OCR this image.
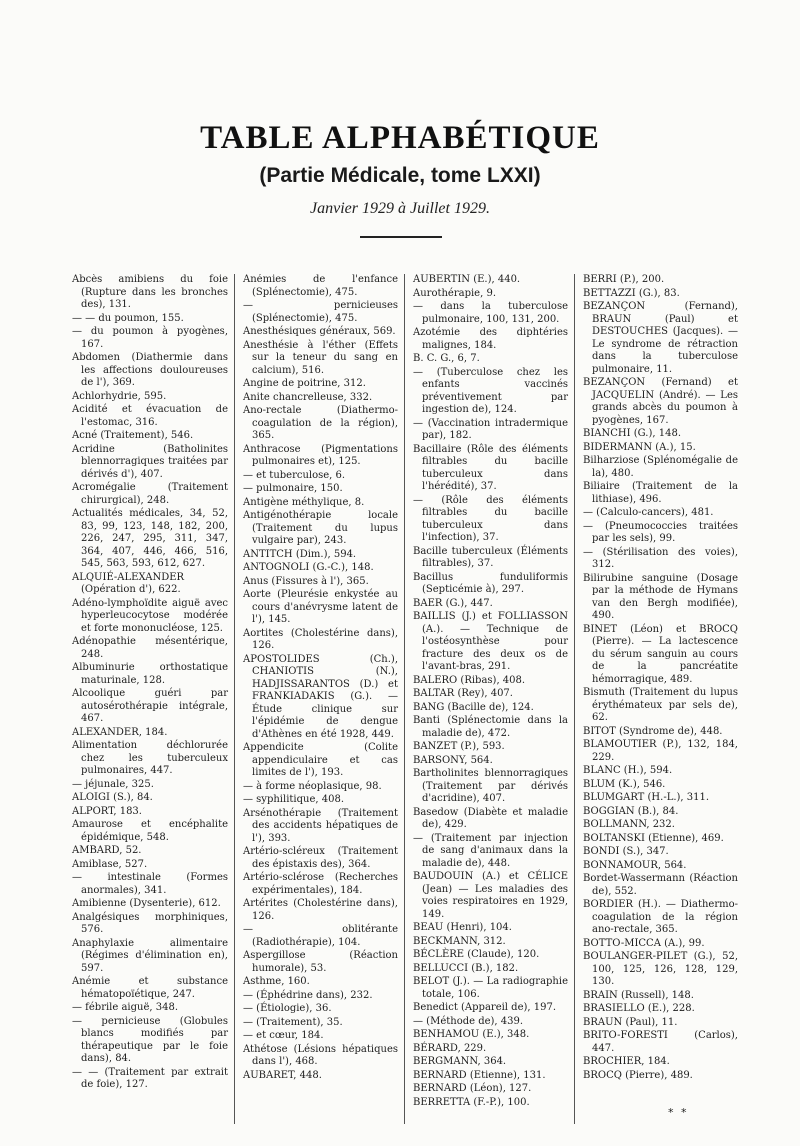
TABLE ALPHABÉTIQUE
(Partie Médicale, tome LXXI)
Janvier 1929 à Juillet 1929.
Abcès amibiens du foie (Rupture dans les bronches des), 131.
— — du poumon, 155.
— du poumon à pyogènes, 167.
Abdomen (Diathermie dans les affections douloureuses de l'), 369.
Achlorhydrie, 595.
Acidité et évacuation de l'estomac, 316.
Acné (Traitement), 546.
Acridine (Batholinites blennorragiques traitées par dérivés d'), 407.
Acromégalie (Traitement chirurgical), 248.
Actualités médicales, 34, 52, 83, 99, 123, 148, 182, 200, 226, 247, 295, 311, 347, 364, 407, 446, 466, 516, 545, 563, 593, 612, 627.
ALQUIÉ-ALEXANDER (Opération d'), 622.
Adéno-lymphoïdite aiguë avec hyperleucocytose modérée et forte mononucléose, 125.
Adénopathie mésentérique, 248.
Albuminurie orthostatique maturinale, 128.
Alcoolique guéri par autosérothérapie intégrale, 467.
ALEXANDER, 184.
Alimentation déchlorurée chez les tuberculeux pulmonaires, 447.
— jéjunale, 325.
ALOIGI (S.), 84.
ALPORT, 183.
Amaurose et encéphalite épidémique, 548.
AMBARD, 52.
Amiblase, 527.
— intestinale (Formes anormales), 341.
Amibienne (Dysenterie), 612.
Analgésiques morphiniques, 576.
Anaphylaxie alimentaire (Régimes d'élimination en), 597.
Anémie et substance hématopoïétique, 247.
— fébrile aiguë, 348.
— pernicieuse (Globules blancs modifiés par thérapeutique par le foie dans), 84.
— — (Traitement par extrait de foie), 127.
Anémies de l'enfance (Splénectomie), 475.
— pernicieuses (Splénectomie), 475.
Anesthésiques généraux, 569.
Anesthésie à l'éther (Effets sur la teneur du sang en calcium), 516.
Angine de poitrine, 312.
Anite chancrelleuse, 332.
Ano-rectale (Diathermo-coagulation de la région), 365.
Anthracose (Pigmentations pulmonaires et), 125.
— et tuberculose, 6.
— pulmonaire, 150.
Antigène méthylique, 8.
Antigénothérapie locale (Traitement du lupus vulgaire par), 243.
ANTITCH (Dim.), 594.
ANTOGNOLI (G.-C.), 148.
Anus (Fissures à l'), 365.
Aorte (Pleurésie enkystée au cours d'anévrysme latent de l'), 145.
Aortites (Cholestérine dans), 126.
APOSTOLIDES (Ch.), CHANIOTIS (N.), HADJISSARANTOS (D.) et FRANKIADAKIS (G.). — Étude clinique sur l'épidémie de dengue d'Athènes en été 1928, 449.
Appendicite (Colite appendiculaire et cas limites de l'), 193.
— à forme néoplasique, 98.
— syphilitique, 408.
Arsénothérapie (Traitement des accidents hépatiques de l'), 393.
Artério-scléreux (Traitement des épistaxis des), 364.
Artério-sclérose (Recherches expérimentales), 184.
Artérites (Cholestérine dans), 126.
— oblitérante (Radiothérapie), 104.
Aspergillose (Réaction humorale), 53.
Asthme, 160.
— (Éphédrine dans), 232.
— (Étiologie), 36.
— (Traitement), 35.
— et cœur, 184.
Athétose (Lésions hépatiques dans l'), 468.
AUBARET, 448.
AUBERTIN (E.), 440.
Aurothérapie, 9.
— dans la tuberculose pulmonaire, 100, 131, 200.
Azotémie des diphtéries malignes, 184.
B. C. G., 6, 7.
— (Tuberculose chez les enfants vaccinés préventivement par ingestion de), 124.
— (Vaccination intradermique par), 182.
Bacillaire (Rôle des éléments filtrables du bacille tuberculeux dans l'hérédité), 37.
— (Rôle des éléments filtrables du bacille tuberculeux dans l'infection), 37.
Bacille tuberculeux (Éléments filtrables), 37.
Bacillus funduliformis (Septicémie à), 297.
BAER (G.), 447.
BAILLIS (J.) et FOLLIASSON (A.). — Technique de l'ostéosynthèse pour fracture des deux os de l'avant-bras, 291.
BALERO (Ribas), 408.
BALTAR (Rey), 407.
BANG (Bacille de), 124.
Banti (Splénectomie dans la maladie de), 472.
BANZET (P.), 593.
BARSONY, 564.
Bartholinites blennorragiques (Traitement par dérivés d'acridine), 407.
Basedow (Diabète et maladie de), 429.
— (Traitement par injection de sang d'animaux dans la maladie de), 448.
BAUDOUIN (A.) et CÉLICE (Jean) — Les maladies des voies respiratoires en 1929, 149.
BEAU (Henri), 104.
BECKMANN, 312.
BÉCLÈRE (Claude), 120.
BELLUCCI (B.), 182.
BELOT (J.). — La radiographie totale, 106.
Benedict (Appareil de), 197.
— (Méthode de), 439.
BENHAMOU (E.), 348.
BÉRARD, 229.
BERGMANN, 364.
BERNARD (Etienne), 131.
BERNARD (Léon), 127.
BERRETTA (F.-P.), 100.
BERRI (P.), 200.
BETTAZZI (G.), 83.
BEZANÇON (Fernand), BRAUN (Paul) et DESTOUCHES (Jacques). — Le syndrome de rétraction dans la tuberculose pulmonaire, 11.
BEZANÇON (Fernand) et JACQUELIN (André). — Les grands abcès du poumon à pyogènes, 167.
BIANCHI (G.), 148.
BIDERMANN (A.), 15.
Bilharziose (Splénomégalie de la), 480.
Biliaire (Traitement de la lithiase), 496.
— (Calculo-cancers), 481.
— (Pneumococcies traitées par les sels), 99.
— (Stérilisation des voies), 312.
Bilirubine sanguine (Dosage par la méthode de Hymans van den Bergh modifiée), 490.
BINET (Léon) et BROCQ (Pierre). — La lactescence du sérum sanguin au cours de la pancréatite hémorragique, 489.
Bismuth (Traitement du lupus érythémateux par sels de), 62.
BITOT (Syndrome de), 448.
BLAMOUTIER (P.), 132, 184, 229.
BLANC (H.), 594.
BLUM (K.), 546.
BLUMGART (H.-L.), 311.
BOGGIAN (B.), 84.
BOLLMANN, 232.
BOLTANSKI (Etienne), 469.
BONDI (S.), 347.
BONNAMOUR, 564.
Bordet-Wassermann (Réaction de), 552.
BORDIER (H.). — Diathermo-coagulation de la région ano-rectale, 365.
BOTTO-MICCA (A.), 99.
BOULANGER-PILET (G.), 52, 100, 125, 126, 128, 129, 130.
BRAIN (Russell), 148.
BRASIELLO (E.), 228.
BRAUN (Paul), 11.
BRITO-FORESTI (Carlos), 447.
BROCHIER, 184.
BROCQ (Pierre), 489.
* *
